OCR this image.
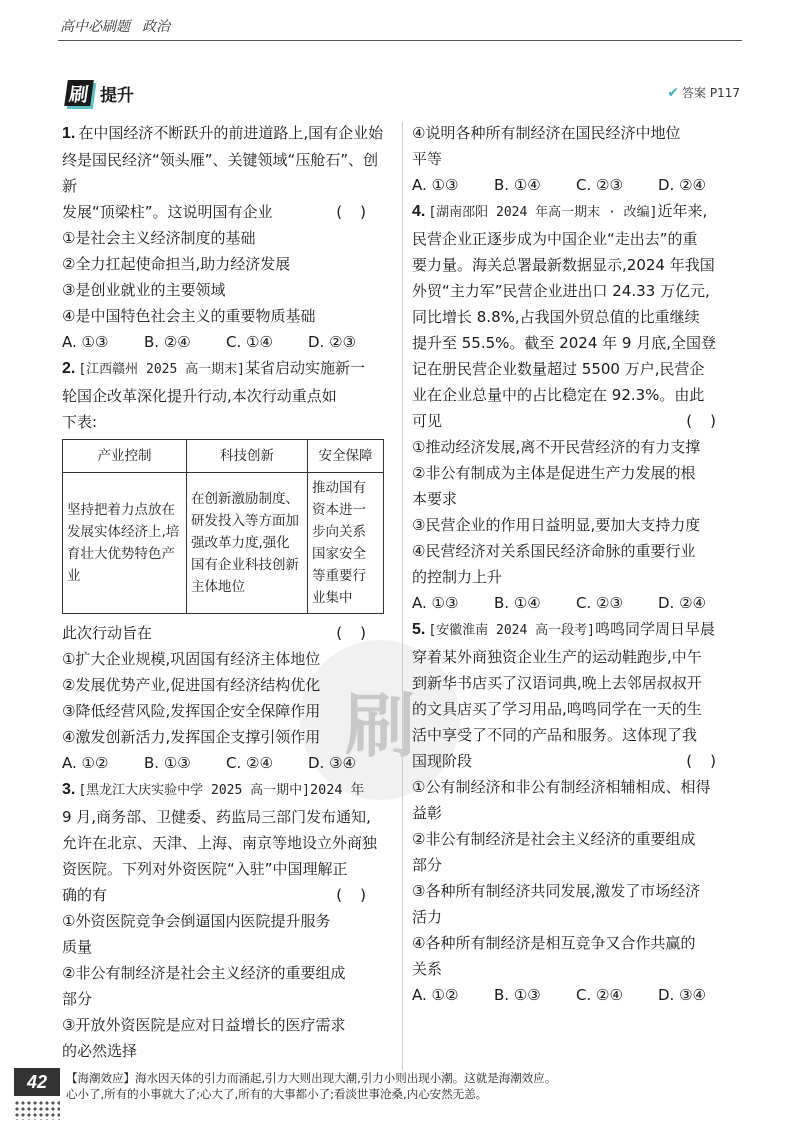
高中必刷题 政治
刷 提升	✔ 答案 P117
刷
1. 在中国经济不断跃升的前进道路上,国有企业始
终是国民经济“领头雁”、关键领域“压舱石”、创新
发展“顶梁柱”。这说明国有企业	()
①是社会主义经济制度的基础
②全力扛起使命担当,助力经济发展
③是创业就业的主要领域
④是中国特色社会主义的重要物质基础
A. ①③	B. ②④	C. ①④	D. ②③
2. [江西赣州 2025 高一期末]某省启动实施新一
轮国企改革深化提升行动,本次行动重点如
下表:
产业控制	科技创新	安全保障
坚持把着力点放在发展实体经济上,培育壮大优势特色产业	在创新激励制度、研发投入等方面加强改革力度,强化国有企业科技创新主体地位	推动国有资本进一步向关系国家安全等重要行业集中
此次行动旨在	()
①扩大企业规模,巩固国有经济主体地位
②发展优势产业,促进国有经济结构优化
③降低经营风险,发挥国企安全保障作用
④激发创新活力,发挥国企支撑引领作用
A. ①②	B. ①③	C. ②④	D. ③④
3. [黑龙江大庆实验中学 2025 高一期中]2024 年
9 月,商务部、卫健委、药监局三部门发布通知,
允许在北京、天津、上海、南京等地设立外商独
资医院。下列对外资医院“入驻”中国理解正
确的有	()
①外资医院竞争会倒逼国内医院提升服务
质量
②非公有制经济是社会主义经济的重要组成
部分
③开放外资医院是应对日益增长的医疗需求
的必然选择
④说明各种所有制经济在国民经济中地位
平等
A. ①③	B. ①④	C. ②③	D. ②④
4. [湖南邵阳 2024 年高一期末 · 改编]近年来,
民营企业正逐步成为中国企业“走出去”的重
要力量。海关总署最新数据显示,2024 年我国
外贸“主力军”民营企业进出口 24.33 万亿元,
同比增长 8.8%,占我国外贸总值的比重继续
提升至 55.5%。截至 2024 年 9 月底,全国登
记在册民营企业数量超过 5500 万户,民营企
业在企业总量中的占比稳定在 92.3%。由此
可见	()
①推动经济发展,离不开民营经济的有力支撑
②非公有制成为主体是促进生产力发展的根
本要求
③民营企业的作用日益明显,要加大支持力度
④民营经济对关系国民经济命脉的重要行业
的控制力上升
A. ①③	B. ①④	C. ②③	D. ②④
5. [安徽淮南 2024 高一段考]鸣鸣同学周日早晨
穿着某外商独资企业生产的运动鞋跑步,中午
到新华书店买了汉语词典,晚上去邻居叔叔开
的文具店买了学习用品,鸣鸣同学在一天的生
活中享受了不同的产品和服务。这体现了我
国现阶段	()
①公有制经济和非公有制经济相辅相成、相得
益彰
②非公有制经济是社会主义经济的重要组成
部分
③各种所有制经济共同发展,激发了市场经济
活力
④各种所有制经济是相互竞争又合作共赢的
关系
A. ①②	B. ①③	C. ②④	D. ③④
42	【海潮效应】海水因天体的引力而涌起,引力大则出现大潮,引力小则出现小潮。这就是海潮效应。
心小了,所有的小事就大了;心大了,所有的大事都小了;看淡世事沧桑,内心安然无恙。
